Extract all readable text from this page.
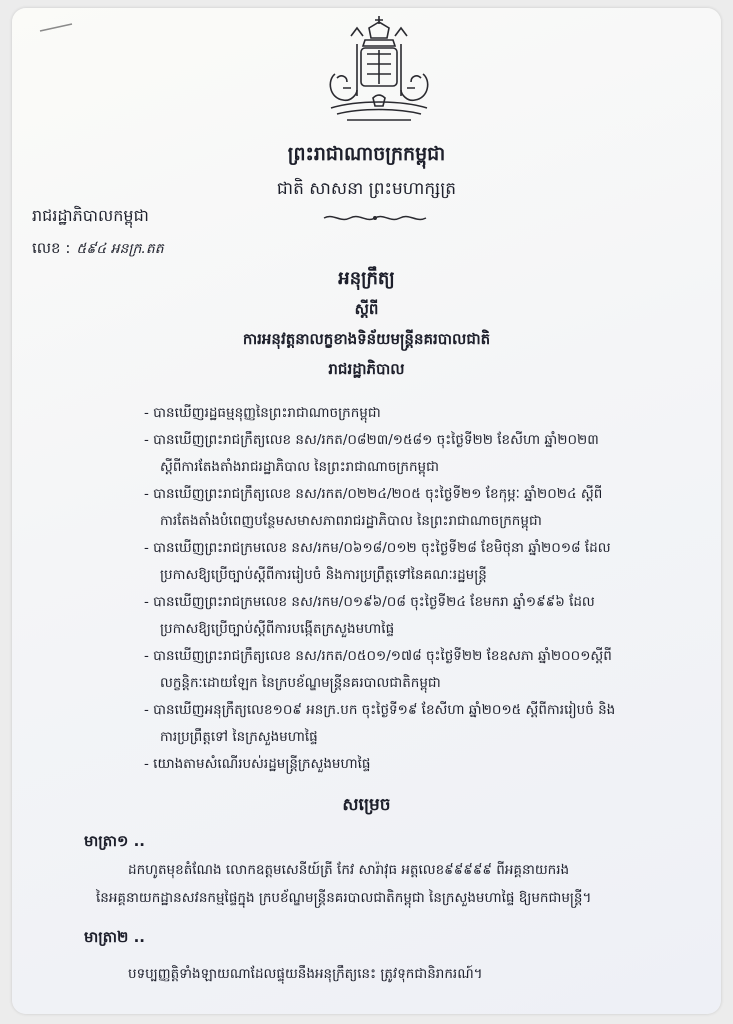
ព្រះរាជាណាចក្រកម្ពុជា
ជាតិ សាសនា ព្រះមហាក្សត្រ
រាជរដ្ឋាភិបាលកម្ពុជា
លេខ : ៥៩៤ អនក្រ.តត
អនុក្រឹត្យ
ស្តីពី
ការអនុវត្តនាលក្ខខាងទិន័យមន្ត្រីនគរបាលជាតិ
រាជរដ្ឋាភិបាល
- បានឃើញរដ្ឋធម្មនុញ្ញនៃព្រះរាជាណាចក្រកម្ពុជា
- បានឃើញព្រះរាជក្រឹត្យលេខ នស/រកត/០៨២៣/១៥៨១ ចុះថ្ងៃទី២២ ខែសីហា ឆ្នាំ២០២៣
ស្តីពីការតែងតាំងរាជរដ្ឋាភិបាល នៃព្រះរាជាណាចក្រកម្ពុជា
- បានឃើញព្រះរាជក្រឹត្យលេខ នស/រកត/០២២៤/២០៥ ចុះថ្ងៃទី២១ ខែកុម្ភៈ ឆ្នាំ២០២៤ ស្តីពី
ការតែងតាំងបំពេញបន្ថែមសមាសភាពរាជរដ្ឋាភិបាល នៃព្រះរាជាណាចក្រកម្ពុជា
- បានឃើញព្រះរាជក្រមលេខ នស/រកម/០៦១៨/០១២ ចុះថ្ងៃទី២៨ ខែមិថុនា ឆ្នាំ២០១៨ ដែល
ប្រកាសឱ្យប្រើច្បាប់ស្តីពីការរៀបចំ និងការប្រព្រឹត្តទៅនៃគណៈរដ្ឋមន្ត្រី
- បានឃើញព្រះរាជក្រមលេខ នស/រកម/០១៩៦/០៨ ចុះថ្ងៃទី២៤ ខែមករា ឆ្នាំ១៩៩៦ ដែល
ប្រកាសឱ្យប្រើច្បាប់ស្តីពីការបង្កើតក្រសួងមហាផ្ទៃ
- បានឃើញព្រះរាជក្រឹត្យលេខ នស/រកត/០៥០១/១៧៨ ចុះថ្ងៃទី២២ ខែឧសភា ឆ្នាំ២០០១ស្តីពី
លក្ខន្តិកៈដោយឡែក នៃក្របខ័ណ្ឌមន្ត្រីនគរបាលជាតិកម្ពុជា
- បានឃើញអនុក្រឹត្យលេខ១០៩ អនក្រ.បក ចុះថ្ងៃទី១៩ ខែសីហា ឆ្នាំ២០១៥ ស្តីពីការរៀបចំ និង
ការប្រព្រឹត្តទៅ នៃក្រសួងមហាផ្ទៃ
- យោងតាមសំណើរបស់រដ្ឋមន្ត្រីក្រសួងមហាផ្ទៃ
សម្រេច
មាត្រា១ ..
ដកហូតមុខតំណែង លោកឧត្តមសេនីយ៍ត្រី កែវ សារ៉ាវុធ អត្តលេខ៩៩៩៩៩ ពីអគ្គនាយករង
នៃអគ្គនាយកដ្ឋានសវនកម្មផ្ទៃក្នុង ក្របខ័ណ្ឌមន្ត្រីនគរបាលជាតិកម្ពុជា នៃក្រសួងមហាផ្ទៃ ឱ្យមកជាមន្ត្រី។
មាត្រា២ ..
បទប្បញ្ញត្តិទាំងឡាយណាដែលផ្ទុយនឹងអនុក្រឹត្យនេះ ត្រូវទុកជានិរាករណ៍។
